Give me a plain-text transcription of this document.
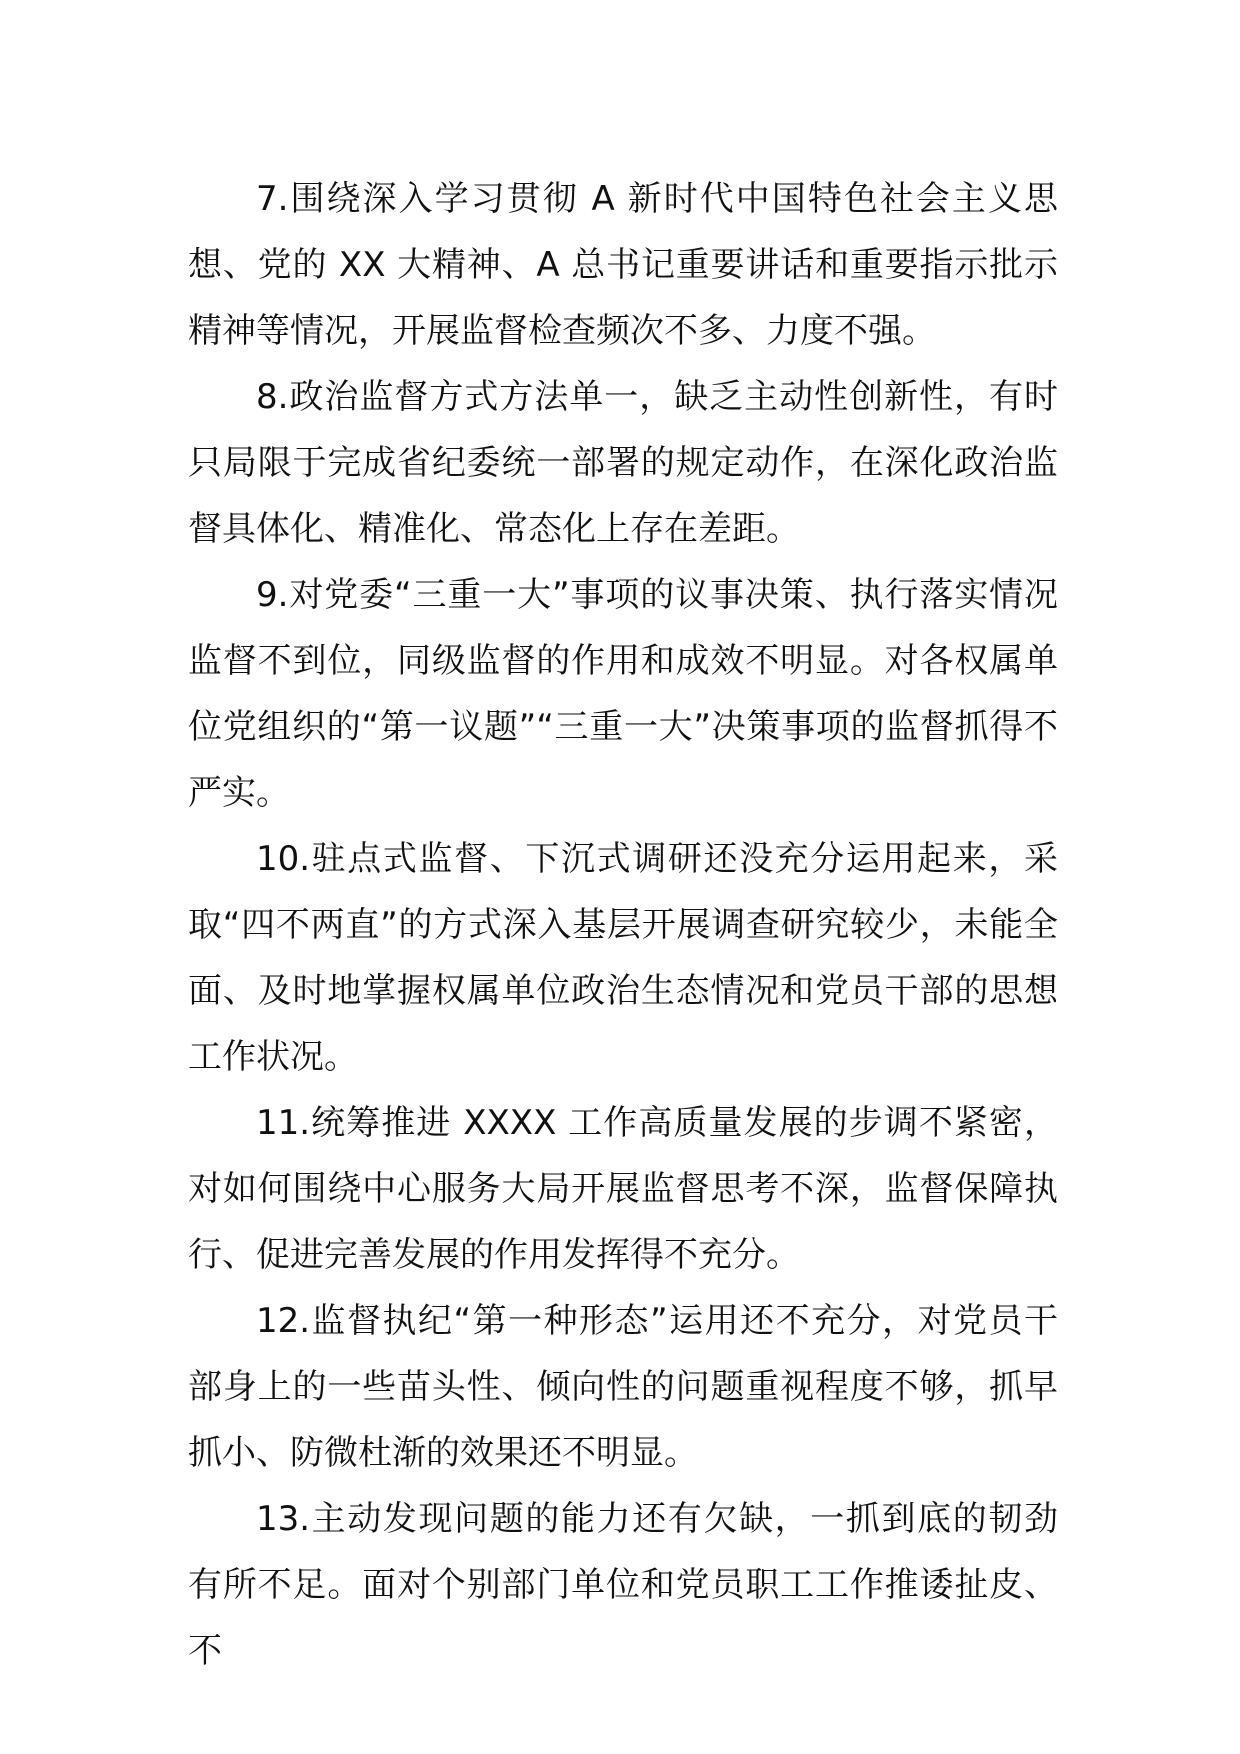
7.围绕深入学习贯彻 A 新时代中国特色社会主义思想、党的 XX 大精神、A 总书记重要讲话和重要指示批示精神等情况，开展监督检查频次不多、力度不强。

8.政治监督方式方法单一，缺乏主动性创新性，有时只局限于完成省纪委统一部署的规定动作，在深化政治监督具体化、精准化、常态化上存在差距。

9.对党委“三重一大”事项的议事决策、执行落实情况监督不到位，同级监督的作用和成效不明显。对各权属单位党组织的“第一议题”“三重一大”决策事项的监督抓得不严实。

10.驻点式监督、下沉式调研还没充分运用起来，采取“四不两直”的方式深入基层开展调查研究较少，未能全面、及时地掌握权属单位政治生态情况和党员干部的思想工作状况。

11.统筹推进 XXXX 工作高质量发展的步调不紧密，对如何围绕中心服务大局开展监督思考不深，监督保障执行、促进完善发展的作用发挥得不充分。

12.监督执纪“第一种形态”运用还不充分，对党员干部身上的一些苗头性、倾向性的问题重视程度不够，抓早抓小、防微杜渐的效果还不明显。

13.主动发现问题的能力还有欠缺，一抓到底的韧劲有所不足。面对个别部门单位和党员职工工作推诿扯皮、不
